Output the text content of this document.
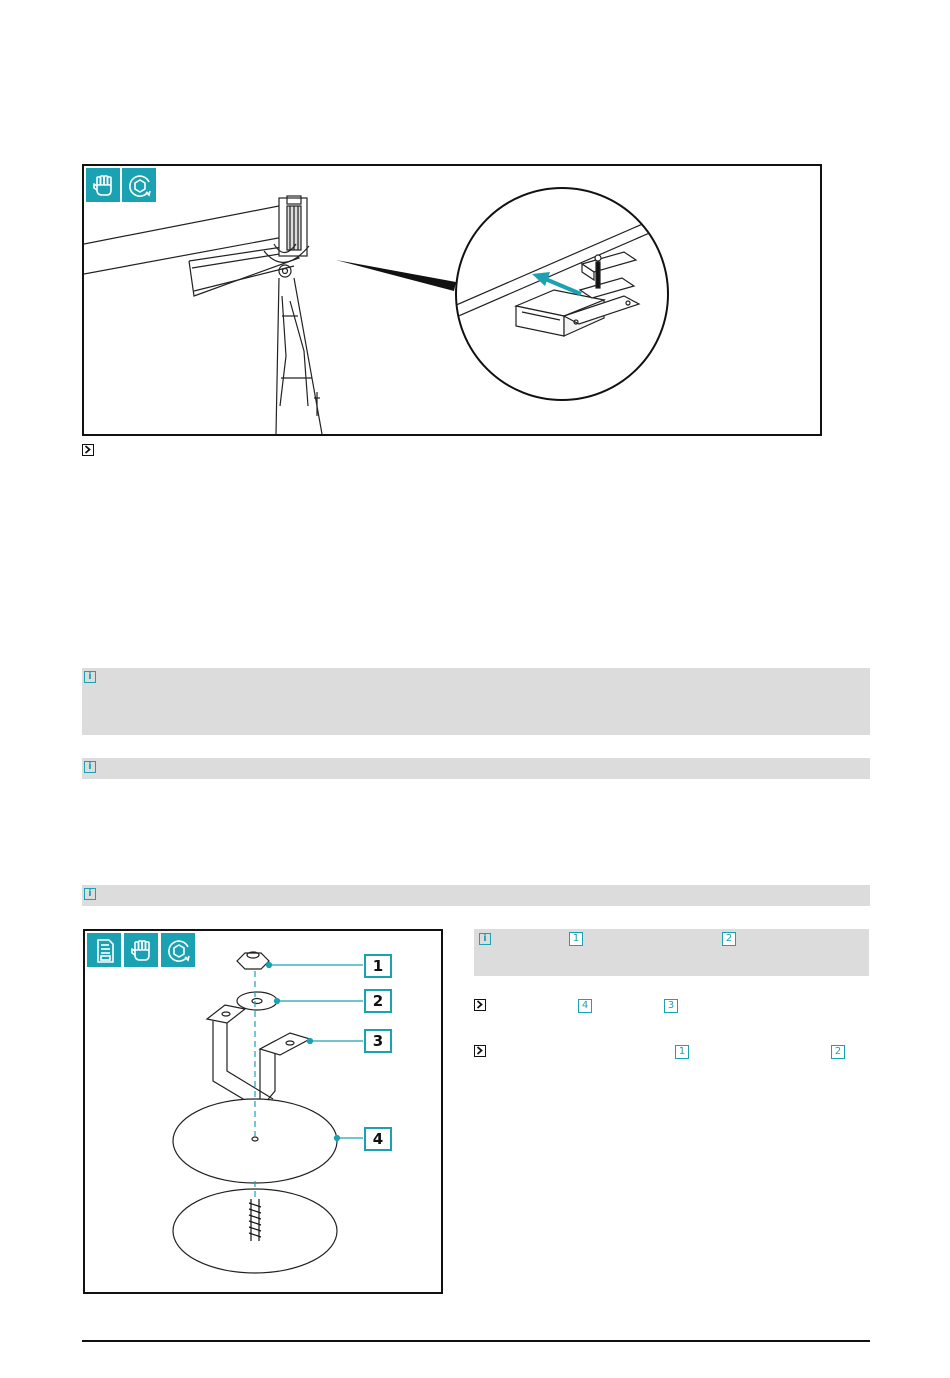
i
i
i
1
2
3
4
i	1	2
4	3
1	2
